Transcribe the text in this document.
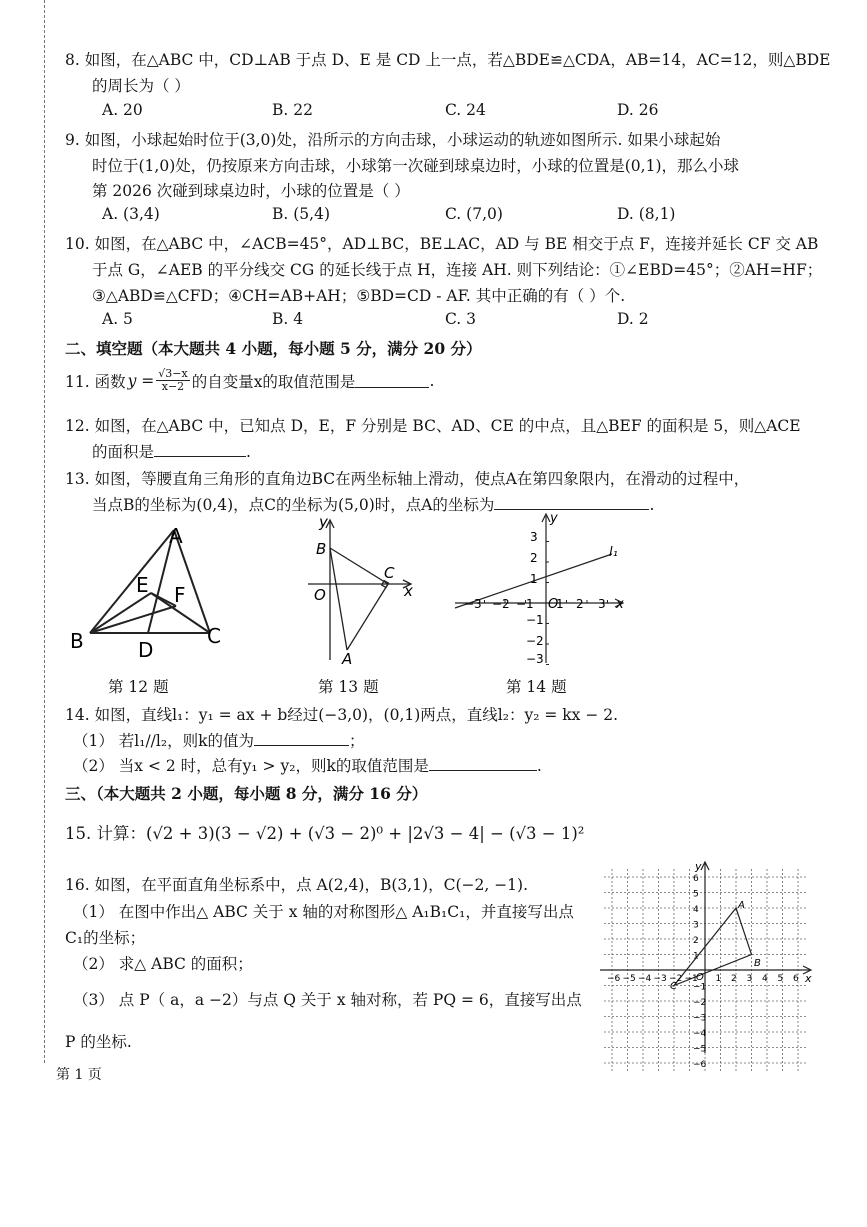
8. 如图，在△ABC 中，CD⊥AB 于点 D、E 是 CD 上一点，若△BDE≌△CDA，AB=14，AC=12，则△BDE
的周长为（ ）
A. 20	B. 22	C. 24	D. 26
9. 如图，小球起始时位于(3,0)处，沿所示的方向击球，小球运动的轨迹如图所示. 如果小球起始
时位于(1,0)处，仍按原来方向击球，小球第一次碰到球桌边时，小球的位置是(0,1)，那么小球
第 2026 次碰到球桌边时，小球的位置是（ ）
A. (3,4)	B. (5,4)	C. (7,0)	D. (8,1)
10. 如图，在△ABC 中，∠ACB=45°，AD⊥BC，BE⊥AC，AD 与 BE 相交于点 F，连接并延长 CF 交 AB
于点 G，∠AEB 的平分线交 CG 的延长线于点 H，连接 AH. 则下列结论：①∠EBD=45°；②AH=HF；
③△ABD≌△CFD；④CH=AB+AH；⑤BD=CD - AF. 其中正确的有（ ）个.
A. 5	B. 4	C. 3	D. 2
二、填空题（本大题共 4 小题，每小题 5 分，满分 20 分）
11. 函数 $y = \frac{√3-x}{x-2}$ 的自变量x的取值范围是	.
12. 如图，在△ABC 中，已知点 D，E，F 分别是 BC、AD、CE 的中点，且△BEF 的面积是 5，则△ACE
的面积是	.
13. 如图，等腰直角三角形的直角边BC在两坐标轴上滑动，使点A在第四象限内，在滑动的过程中，
当点B的坐标为(0,4)，点C的坐标为(5,0)时，点A的坐标为	.
A
B	C
D
E F
第 12 题
y
B
C
O	x
A
第 13 题
y
x
O
l₁
−3 −2 −1 1 2 3
3
2
1
−1
−2
−3
第 14 题
14. 如图，直线l₁：y₁ = ax + b经过(−3,0)，(0,1)两点，直线l₂：y₂ = kx − 2.
（1） 若l₁//l₂，则k的值为	；
（2） 当x < 2 时，总有y₁ > y₂，则k的取值范围是	.
三、（本大题共 2 小题，每小题 8 分，满分 16 分）
15. 计算：(√2 + 3)(3 − √2) + (√3 − 2)⁰ + |2√3 − 4| − (√3 − 1)²
16. 如图，在平面直角坐标系中，点 A(2,4)，B(3,1)，C(−2, −1).
（1） 在图中作出△ ABC 关于 x 轴的对称图形△ A₁B₁C₁，并直接写出点
C₁的坐标；
（2） 求△ ABC 的面积；
（3） 点 P（ a，a −2）与点 Q 关于 x 轴对称，若 PQ = 6，直接写出点
P 的坐标.
y
x
O
A
B
C
−6 −5 −4 −3 −2 −1 1 2 3 4 5 6
6
5
4
3
2
1
−1
−2
−3
−4
−5
−6
第 1 页
